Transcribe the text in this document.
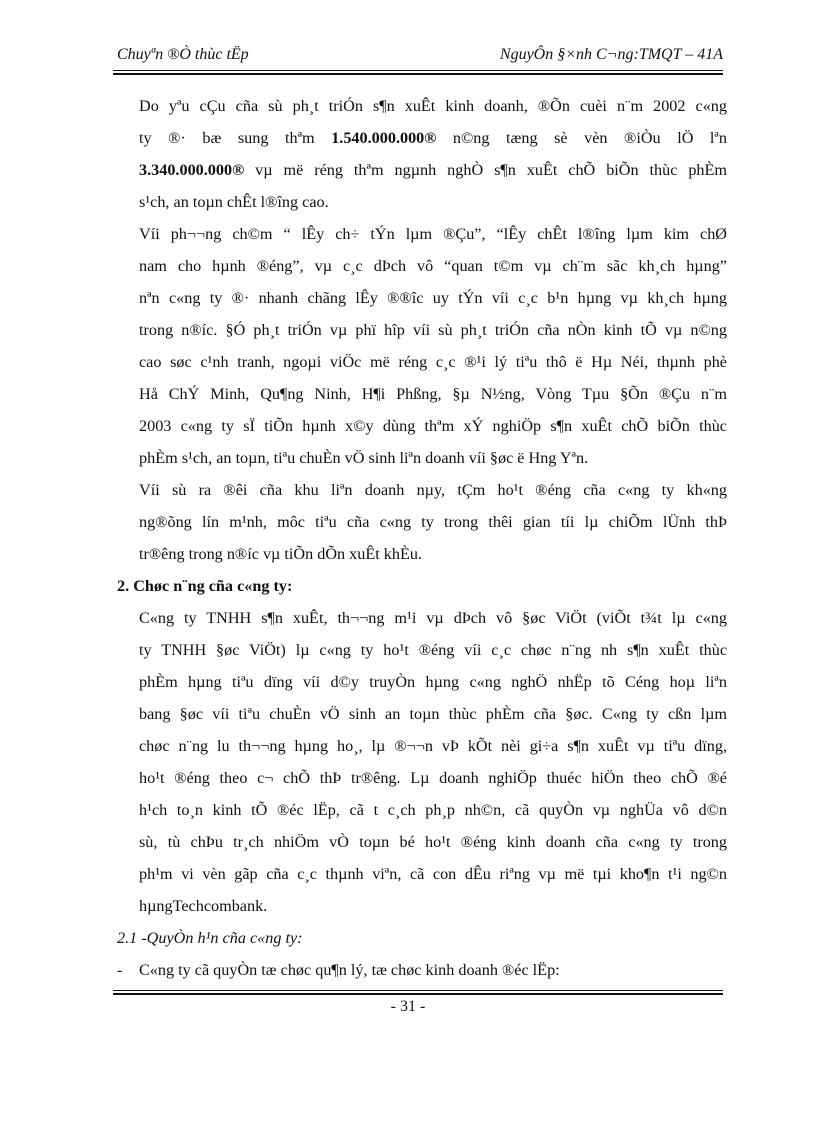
Chuyªn ®Ò thùc tËp	NguyÔn §×nh C¬ng:TMQT – 41A

Do yªu cÇu cña sù ph¸t triÓn s¶n xuÊt kinh doanh, ®Õn cuèi n¨m 2002 c«ng
ty ®· bæ sung thªm 1.540.000.000® n©ng tæng sè vèn ®iÒu lÖ lªn
3.340.000.000® vµ më réng thªm ngµnh nghÒ s¶n xuÊt chÕ biÕn thùc phÈm
s¹ch, an toµn chÊt l®îng cao.

Víi ph¬¬ng ch©m “ lÊy ch÷ tÝn lµm ®Çu”, “lÊy chÊt l®îng lµm kim chØ
nam cho hµnh ®éng”, vµ c¸c dÞch vô “quan t©m vµ ch¨m sãc kh¸ch hµng”
nªn c«ng ty ®· nhanh chãng lÊy ®®îc uy tÝn víi c¸c b¹n hµng vµ kh¸ch hµng
trong n®íc. §Ó ph¸t triÓn vµ phï hîp víi sù ph¸t triÓn cña nÒn kinh tÕ vµ n©ng
cao søc c¹nh tranh, ngoµi viÖc më réng c¸c ®¹i lý tiªu thô ë Hµ Néi, thµnh phè
Hå ChÝ Minh, Qu¶ng Ninh, H¶i Phßng, §µ N½ng, Vòng Tµu §Õn ®Çu n¨m
2003 c«ng ty sÏ tiÕn hµnh x©y dùng thªm xÝ nghiÖp s¶n xuÊt chÕ biÕn thùc
phÈm s¹ch, an toµn, tiªu chuÈn vÖ sinh liªn doanh víi §øc ë Hng Yªn.

Víi sù ra ®êi cña khu liªn doanh nµy, tÇm ho¹t ®éng cña c«ng ty kh«ng
ng®õng lín m¹nh, môc tiªu cña c«ng ty trong thêi gian tíi lµ chiÕm lÜnh thÞ
tr®êng trong n®íc vµ tiÕn dÕn xuÊt khÈu.

2. Chøc n¨ng cña c«ng ty:

C«ng ty TNHH s¶n xuÊt, th¬¬ng m¹i vµ dÞch vô §øc ViÖt (viÕt t¾t lµ c«ng
ty TNHH §øc ViÖt) lµ c«ng ty ho¹t ®éng víi c¸c chøc n¨ng nh s¶n xuÊt thùc
phÈm hµng tiªu dïng víi d©y truyÒn hµng c«ng nghÖ nhËp tõ Céng hoµ liªn
bang §øc víi tiªu chuÈn vÖ sinh an toµn thùc phÈm cña §øc. C«ng ty cßn lµm
chøc n¨ng lu th¬¬ng hµng ho¸, lµ ®¬¬n vÞ kÕt nèi gi÷a s¶n xuÊt vµ tiªu dïng,
ho¹t ®éng theo c¬ chÕ thÞ tr®êng. Lµ doanh nghiÖp thuéc hiÖn theo chÕ ®é
h¹ch to¸n kinh tÕ ®éc lËp, cã t c¸ch ph¸p nh©n, cã quyÒn vµ nghÜa vô d©n
sù, tù chÞu tr¸ch nhiÖm vÒ toµn bé ho¹t ®éng kinh doanh cña c«ng ty trong
ph¹m vi vèn gãp cña c¸c thµnh viªn, cã con dÊu riªng vµ më tµi kho¶n t¹i ng©n
hµngTechcombank.

2.1 -QuyÒn h¹n cña c«ng ty:

- C«ng ty cã quyÒn tæ chøc qu¶n lý, tæ chøc kinh doanh ®éc lËp:

- 31 -
